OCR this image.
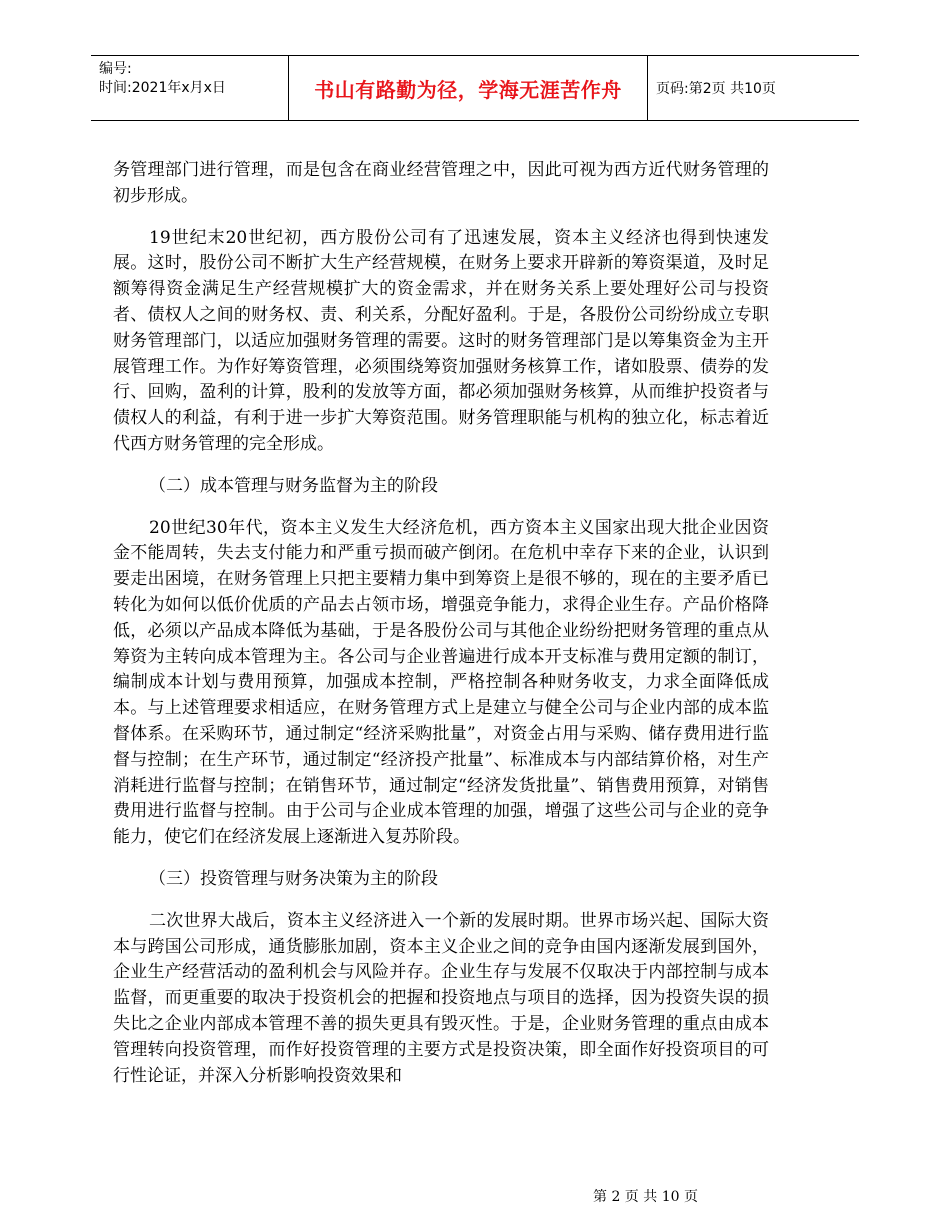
编号:
时间:2021年x月x日	书山有路勤为径，学海无涯苦作舟 页码:第2页 共10页

务管理部门进行管理，而是包含在商业经营管理之中，因此可视为西方近代财务管理的初步形成。

19世纪末20世纪初，西方股份公司有了迅速发展，资本主义经济也得到快速发展。这时，股份公司不断扩大生产经营规模，在财务上要求开辟新的筹资渠道，及时足额筹得资金满足生产经营规模扩大的资金需求，并在财务关系上要处理好公司与投资者、债权人之间的财务权、责、利关系，分配好盈利。于是，各股份公司纷纷成立专职财务管理部门，以适应加强财务管理的需要。这时的财务管理部门是以筹集资金为主开展管理工作。为作好筹资管理，必须围绕筹资加强财务核算工作，诸如股票、债券的发行、回购，盈利的计算，股利的发放等方面，都必须加强财务核算，从而维护投资者与债权人的利益，有利于进一步扩大筹资范围。财务管理职能与机构的独立化，标志着近代西方财务管理的完全形成。

（二）成本管理与财务监督为主的阶段

20世纪30年代，资本主义发生大经济危机，西方资本主义国家出现大批企业因资金不能周转，失去支付能力和严重亏损而破产倒闭。在危机中幸存下来的企业，认识到要走出困境，在财务管理上只把主要精力集中到筹资上是很不够的，现在的主要矛盾已转化为如何以低价优质的产品去占领市场，增强竞争能力，求得企业生存。产品价格降低，必须以产品成本降低为基础，于是各股份公司与其他企业纷纷把财务管理的重点从筹资为主转向成本管理为主。各公司与企业普遍进行成本开支标准与费用定额的制订，编制成本计划与费用预算，加强成本控制，严格控制各种财务收支，力求全面降低成本。与上述管理要求相适应，在财务管理方式上是建立与健全公司与企业内部的成本监督体系。在采购环节，通过制定“经济采购批量”，对资金占用与采购、储存费用进行监督与控制；在生产环节，通过制定“经济投产批量”、标准成本与内部结算价格，对生产消耗进行监督与控制；在销售环节，通过制定“经济发货批量”、销售费用预算，对销售费用进行监督与控制。由于公司与企业成本管理的加强，增强了这些公司与企业的竞争能力，使它们在经济发展上逐渐进入复苏阶段。

（三）投资管理与财务决策为主的阶段

二次世界大战后，资本主义经济进入一个新的发展时期。世界市场兴起、国际大资本与跨国公司形成，通货膨胀加剧，资本主义企业之间的竞争由国内逐渐发展到国外，企业生产经营活动的盈利机会与风险并存。企业生存与发展不仅取决于内部控制与成本监督，而更重要的取决于投资机会的把握和投资地点与项目的选择，因为投资失误的损失比之企业内部成本管理不善的损失更具有毁灭性。于是，企业财务管理的重点由成本管理转向投资管理，而作好投资管理的主要方式是投资决策，即全面作好投资项目的可行性论证，并深入分析影响投资效果和

第 2 页 共 10 页
